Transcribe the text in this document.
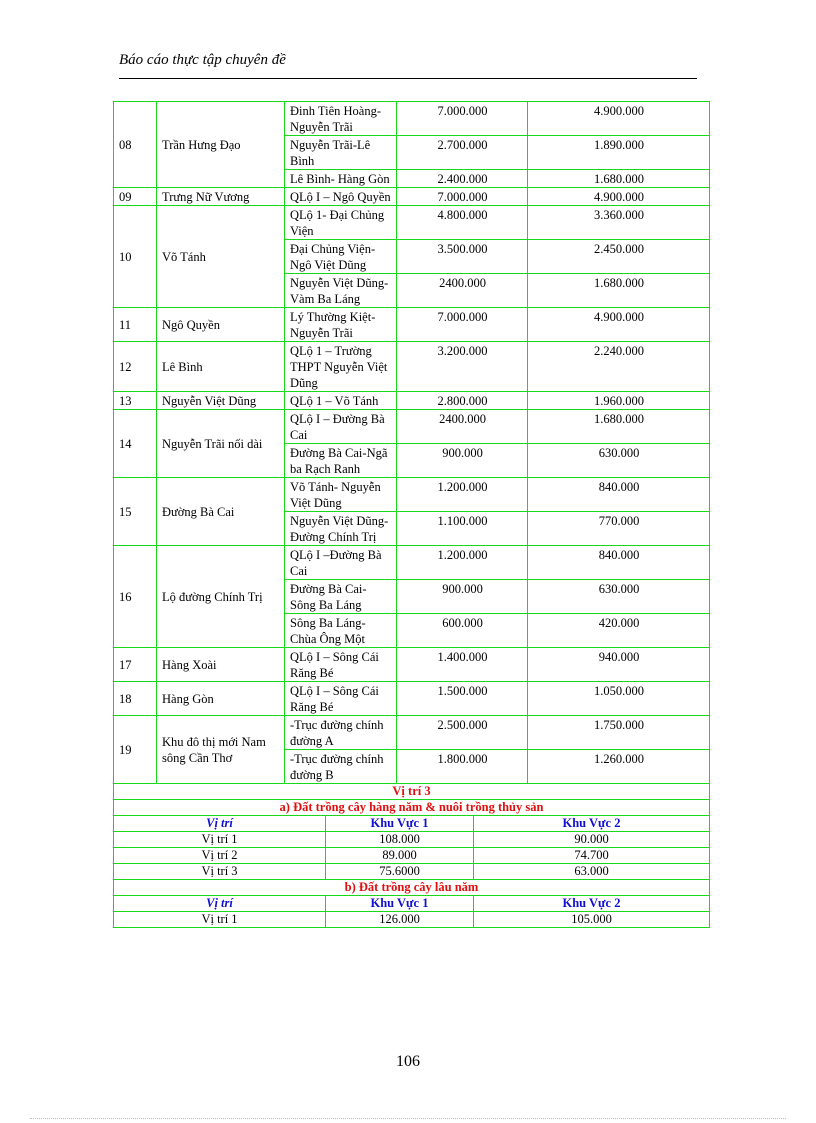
Báo cáo thực tập chuyên đề
08	Trần Hưng Đạo	Đinh Tiên Hoàng- Nguyễn Trãi	7.000.000	4.900.000
		Nguyễn Trãi-Lê Bình	2.700.000	1.890.000
		Lê Bình- Hàng Gòn	2.400.000	1.680.000
09	Trưng Nữ Vương	QLộ I – Ngô Quyền	7.000.000	4.900.000
10	Võ Tánh	QLộ 1- Đại Chủng Viện	4.800.000	3.360.000
		Đại Chủng Viện- Ngô Việt Dũng	3.500.000	2.450.000
		Nguyễn Việt Dũng- Vàm Ba Láng	2400.000	1.680.000
11	Ngô Quyền	Lý Thường Kiệt- Nguyễn Trãi	7.000.000	4.900.000
12	Lê Bình	QLộ 1 – Trường THPT Nguyễn Việt Dũng	3.200.000	2.240.000
13	Nguyễn Việt Dũng	QLộ 1 – Võ Tánh	2.800.000	1.960.000
14	Nguyễn Trãi nối dài	QLộ I – Đường Bà Cai	2400.000	1.680.000
		Đường Bà Cai-Ngã ba Rạch Ranh	900.000	630.000
15	Đường Bà Cai	Võ Tánh- Nguyễn Việt Dũng	1.200.000	840.000
		Nguyễn Việt Dũng- Đường Chính Trị	1.100.000	770.000
16	Lộ đường Chính Trị	QLộ I –Đường Bà Cai	1.200.000	840.000
		Đường Bà Cai-Sông Ba Láng	900.000	630.000
		Sông Ba Láng-Chùa Ông Một	600.000	420.000
17	Hàng Xoài	QLộ I – Sông Cái Răng Bé	1.400.000	940.000
18	Hàng Gòn	QLộ I – Sông Cái Răng Bé	1.500.000	1.050.000
19	Khu đô thị mới Nam sông Cần Thơ	-Trục đường chính đường A	2.500.000	1.750.000
		-Trục đường chính đường B	1.800.000	1.260.000
Vị trí 3		
a) Đất trồng cây hàng năm & nuôi trồng thủy sản		
Vị trí	Khu Vực 1	Khu Vực 2
Vị trí 1	108.000	90.000
Vị trí 2	89.000	74.700
Vị trí 3	75.6000	63.000
b) Đất trồng cây lâu năm		
Vị trí	Khu Vực 1	Khu Vực 2
Vị trí 1	126.000	105.000
106
